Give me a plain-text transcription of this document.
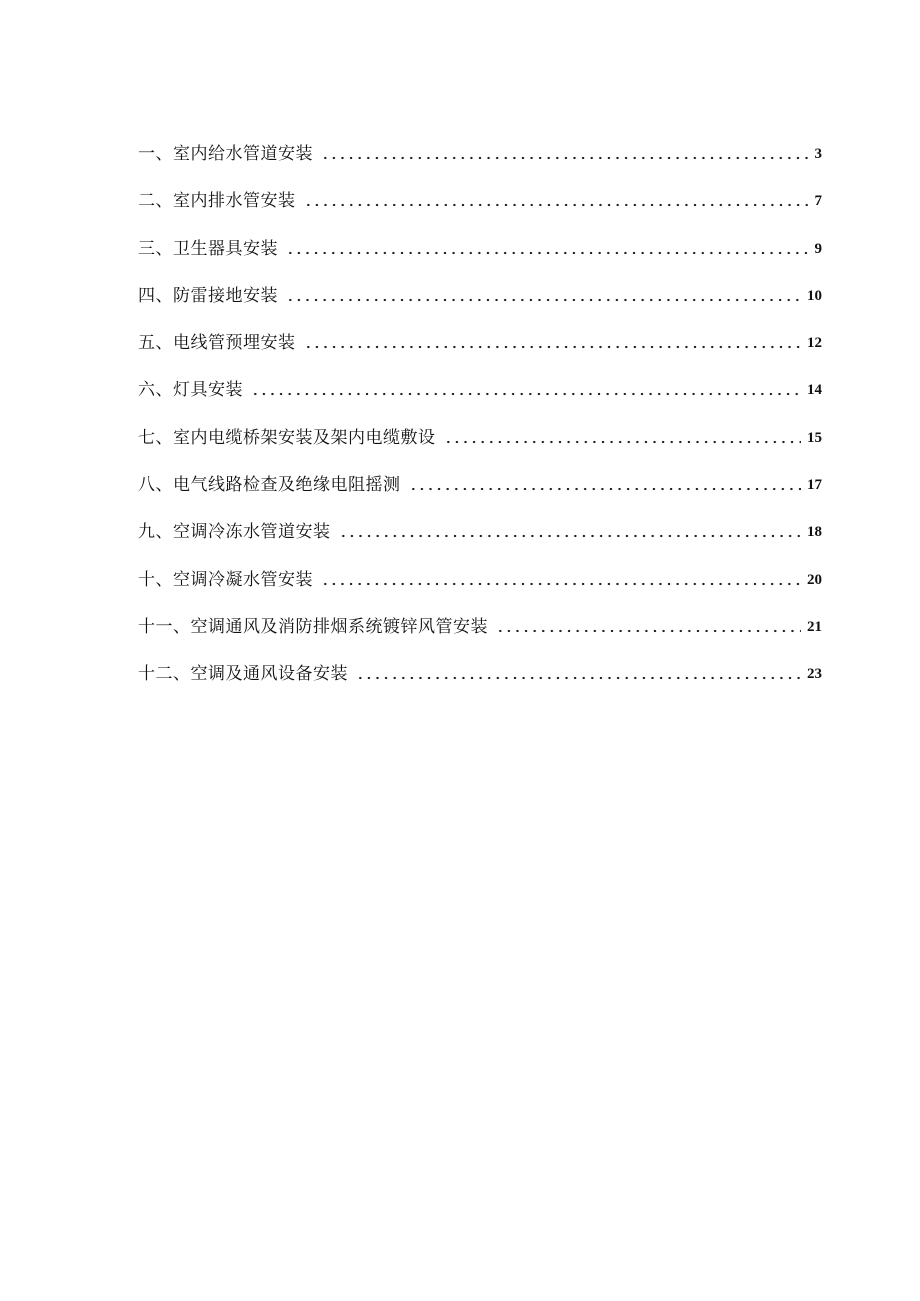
一、室内给水管道安装	3
二、室内排水管安装	7
三、卫生器具安装	9
四、防雷接地安装	10
五、电线管预埋安装	12
六、灯具安装	14
七、室内电缆桥架安装及架内电缆敷设	15
八、电气线路检查及绝缘电阻摇测	17
九、空调冷冻水管道安装	18
十、空调冷凝水管安装	20
十一、空调通风及消防排烟系统镀锌风管安装	21
十二、空调及通风设备安装	23
